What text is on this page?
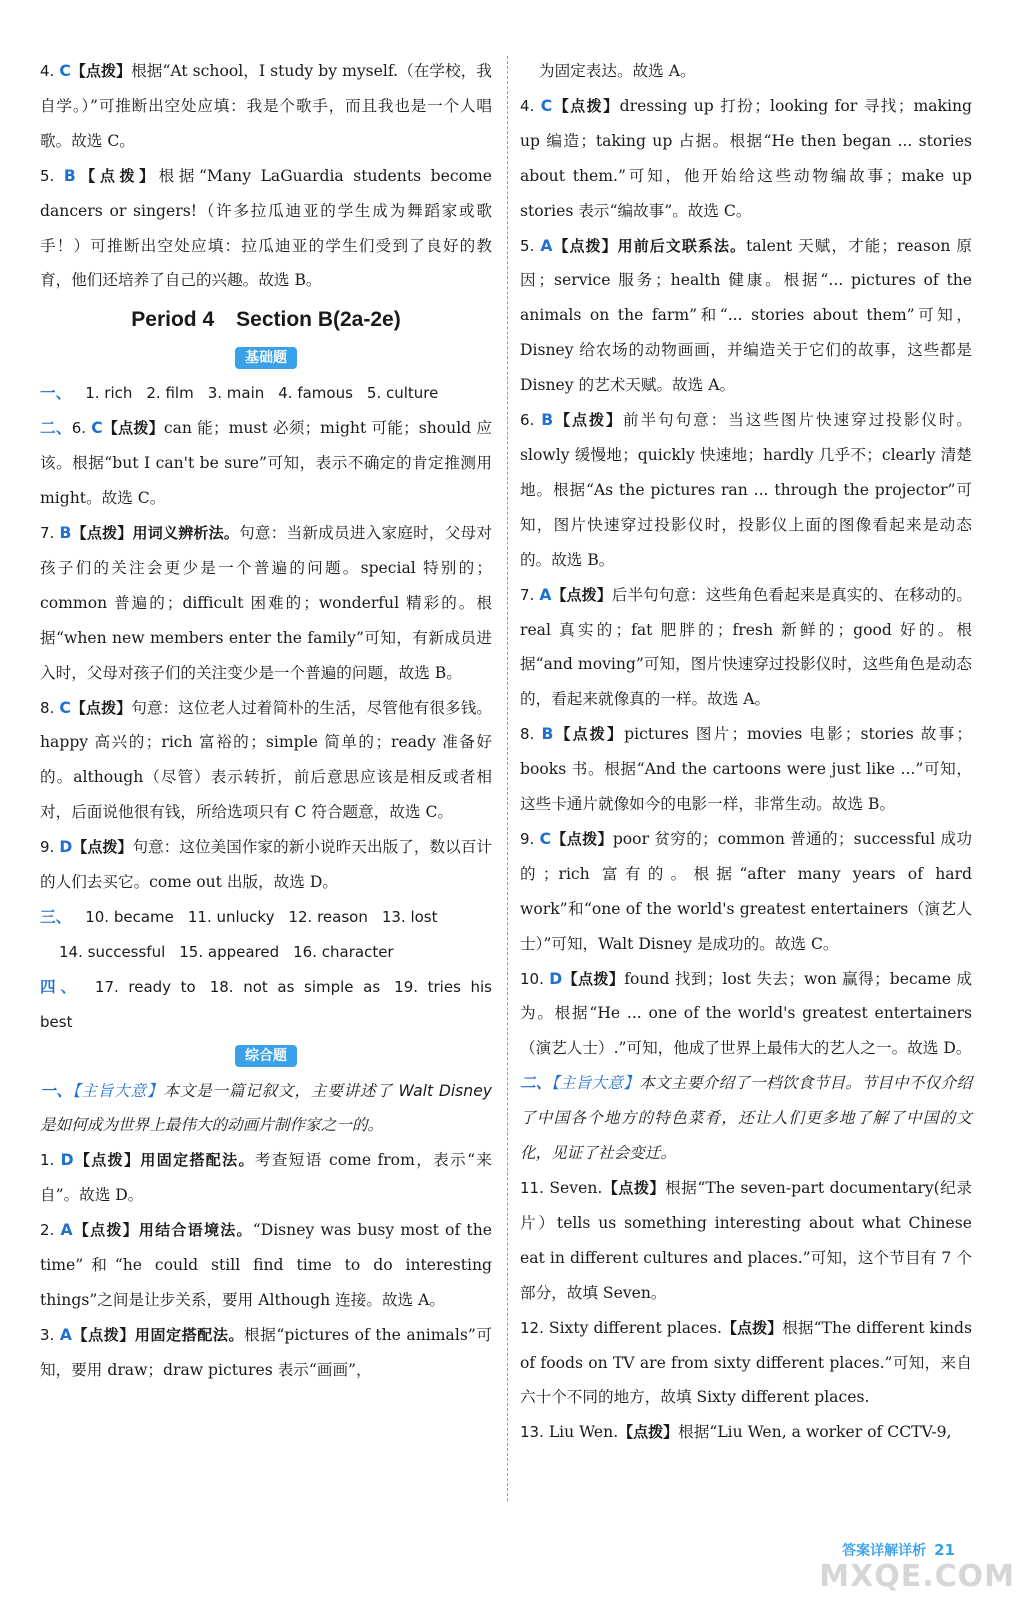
4. C【点拨】根据“At school，I study by myself.（在学校，我自学。）”可推断出空处应填：我是个歌手，而且我也是一个人唱歌。故选 C。

5. B【点拨】根据“Many LaGuardia students become dancers or singers!（许多拉瓜迪亚的学生成为舞蹈家或歌手！）可推断出空处应填：拉瓜迪亚的学生们受到了良好的教育，他们还培养了自己的兴趣。故选 B。

Period 4 Section B(2a-2e)
基础题

一、 1. rich 2. film 3. main 4. famous 5. culture

二、6. C【点拨】can 能；must 必须；might 可能；should 应该。根据“but I can't be sure”可知，表示不确定的肯定推测用 might。故选 C。

7. B【点拨】用词义辨析法。句意：当新成员进入家庭时，父母对孩子们的关注会更少是一个普遍的问题。special 特别的；common 普遍的；difficult 困难的；wonderful 精彩的。根据“when new members enter the family”可知，有新成员进入时，父母对孩子们的关注变少是一个普遍的问题，故选 B。

8. C【点拨】句意：这位老人过着简朴的生活，尽管他有很多钱。happy 高兴的；rich 富裕的；simple 简单的；ready 准备好的。although（尽管）表示转折，前后意思应该是相反或者相对，后面说他很有钱，所给选项只有 C 符合题意，故选 C。

9. D【点拨】句意：这位美国作家的新小说昨天出版了，数以百计的人们去买它。come out 出版，故选 D。

三、 10. became 11. unlucky 12. reason 13. lost

14. successful 15. appeared 16. character

四、 17. ready to 18. not as simple as 19. tries his best

综合题

一、【主旨大意】本文是一篇记叙文，主要讲述了 Walt Disney 是如何成为世界上最伟大的动画片制作家之一的。

1. D【点拨】用固定搭配法。考查短语 come from，表示“来自”。故选 D。

2. A【点拨】用结合语境法。“Disney was busy most of the time”和“he could still find time to do interesting things”之间是让步关系，要用 Although 连接。故选 A。

3. A【点拨】用固定搭配法。根据“pictures of the animals”可知，要用 draw；draw pictures 表示“画画”，

为固定表达。故选 A。

4. C【点拨】dressing up 打扮；looking for 寻找；making up 编造；taking up 占据。根据“He then began ... stories about them.”可知，他开始给这些动物编故事；make up stories 表示“编故事”。故选 C。

5. A【点拨】用前后文联系法。talent 天赋，才能；reason 原因；service 服务；health 健康。根据“... pictures of the animals on the farm”和“... stories about them”可知，Disney 给农场的动物画画，并编造关于它们的故事，这些都是 Disney 的艺术天赋。故选 A。

6. B【点拨】前半句句意：当这些图片快速穿过投影仪时。slowly 缓慢地；quickly 快速地；hardly 几乎不；clearly 清楚地。根据“As the pictures ran ... through the projector”可知，图片快速穿过投影仪时，投影仪上面的图像看起来是动态的。故选 B。

7. A【点拨】后半句句意：这些角色看起来是真实的、在移动的。real 真实的；fat 肥胖的；fresh 新鲜的；good 好的。根据“and moving”可知，图片快速穿过投影仪时，这些角色是动态的，看起来就像真的一样。故选 A。

8. B【点拨】pictures 图片；movies 电影；stories 故事；books 书。根据“And the cartoons were just like ...”可知，这些卡通片就像如今的电影一样，非常生动。故选 B。

9. C【点拨】poor 贫穷的；common 普通的；successful 成功的；rich 富有的。根据“after many years of hard work”和“one of the world's greatest entertainers（演艺人士）”可知，Walt Disney 是成功的。故选 C。

10. D【点拨】found 找到；lost 失去；won 赢得；became 成为。根据“He ... one of the world's greatest entertainers（演艺人士）.”可知，他成了世界上最伟大的艺人之一。故选 D。

二、【主旨大意】本文主要介绍了一档饮食节目。节目中不仅介绍了中国各个地方的特色菜肴，还让人们更多地了解了中国的文化，见证了社会变迁。

11. Seven.【点拨】根据“The seven-part documentary(纪录片）tells us something interesting about what Chinese eat in different cultures and places.”可知，这个节目有 7 个部分，故填 Seven。

12. Sixty different places.【点拨】根据“The different kinds of foods on TV are from sixty different places.”可知，来自六十个不同的地方，故填 Sixty different places.

13. Liu Wen.【点拨】根据“Liu Wen, a worker of CCTV-9,

答案详解详析 21
MXQE.COM
